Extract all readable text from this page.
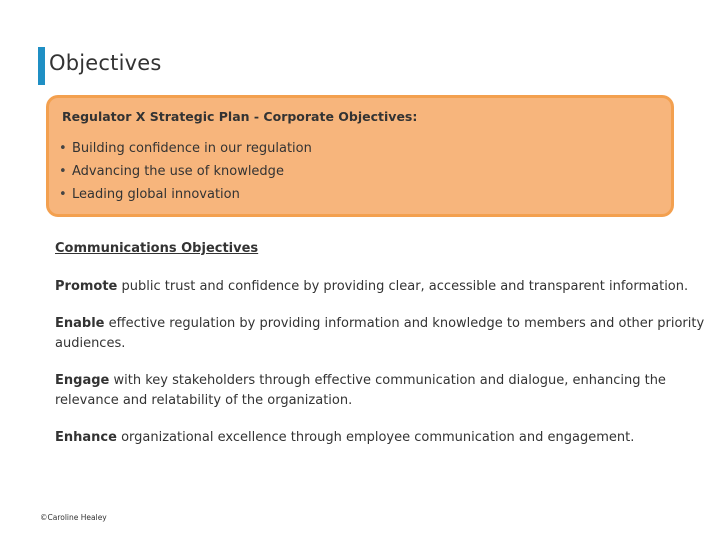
Objectives
Regulator X Strategic Plan - Corporate Objectives:
• Building confidence in our regulation
• Advancing the use of knowledge
• Leading global innovation
Communications Objectives
Promote public trust and confidence by providing clear, accessible and transparent information.
Enable effective regulation by providing information and knowledge to members and other priority audiences.
Engage with key stakeholders through effective communication and dialogue, enhancing the relevance and relatability of the organization.
Enhance organizational excellence through employee communication and engagement.
©Caroline Healey
